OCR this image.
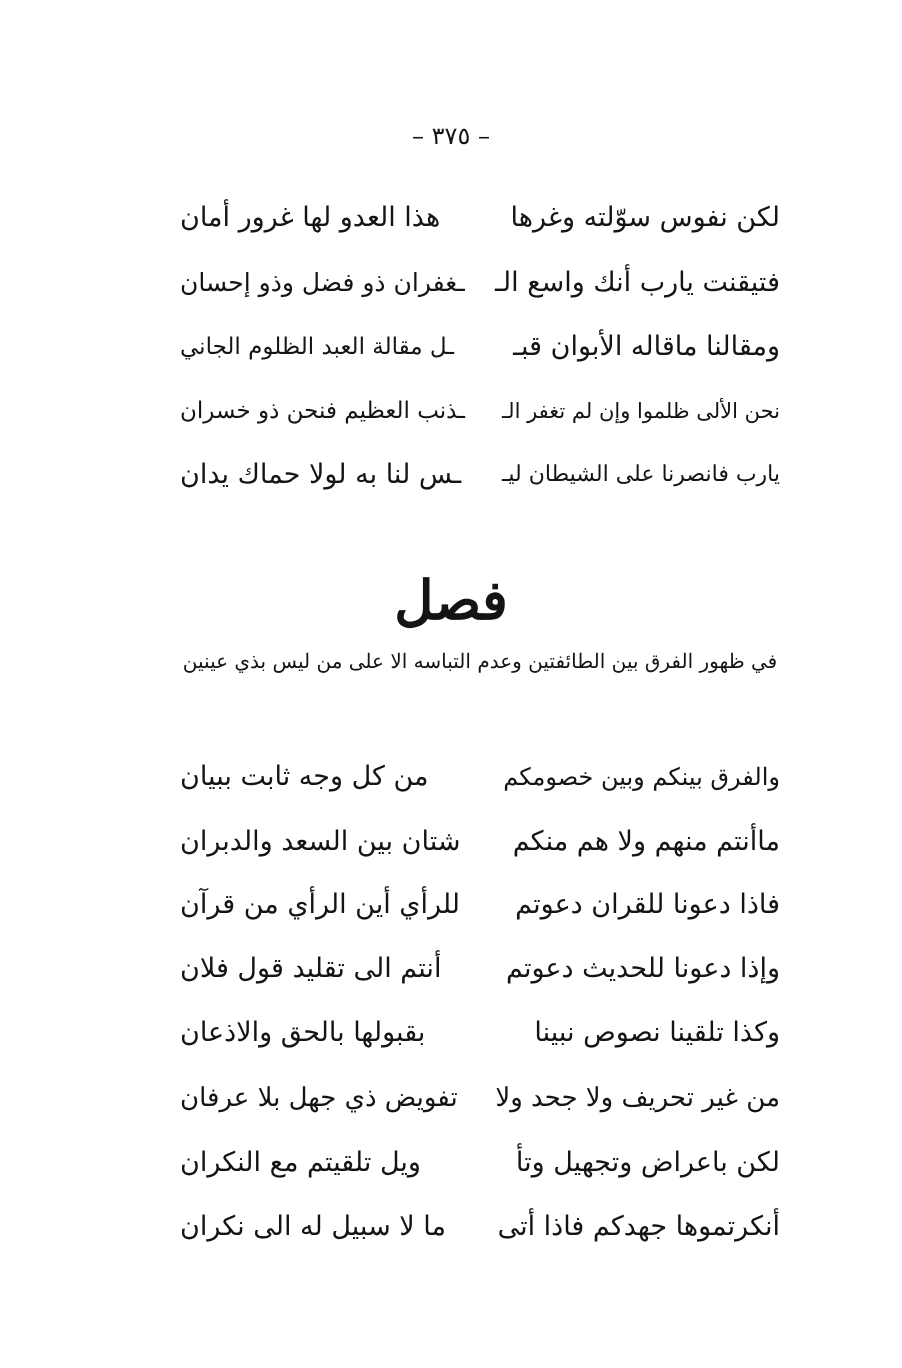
– ٣٧٥ –
لكن نفوس سوّلته وغرها
هذا العدو لها غرور أمان
فتيقنت يارب أنك واسع الـ
ـغفران ذو فضل وذو إحسان
ومقالنا ماقاله الأبوان قبـ
ـل مقالة العبد الظلوم الجاني
نحن الألى ظلموا وإن لم تغفر الـ
ـذنب العظيم فنحن ذو خسران
يارب فانصرنا على الشيطان ليـ
ـس لنا به لولا حماك يدان
فصل
في ظهور الفرق بين الطائفتين وعدم التباسه الا على من ليس بذي عينين
والفرق بينكم وبين خصومكم
من كل وجه ثابت ببيان
ماأنتم منهم ولا هم منكم
شتان بين السعد والدبران
فاذا دعونا للقران دعوتم
للرأي أين الرأي من قرآن
وإذا دعونا للحديث دعوتم
أنتم الى تقليد قول فلان
وكذا تلقينا نصوص نبينا
بقبولها بالحق والاذعان
من غير تحريف ولا جحد ولا
تفويض ذي جهل بلا عرفان
لكن باعراض وتجهيل وتأ
ويل تلقيتم مع النكران
أنكرتموها جهدكم فاذا أتى
ما لا سبيل له الى نكران
